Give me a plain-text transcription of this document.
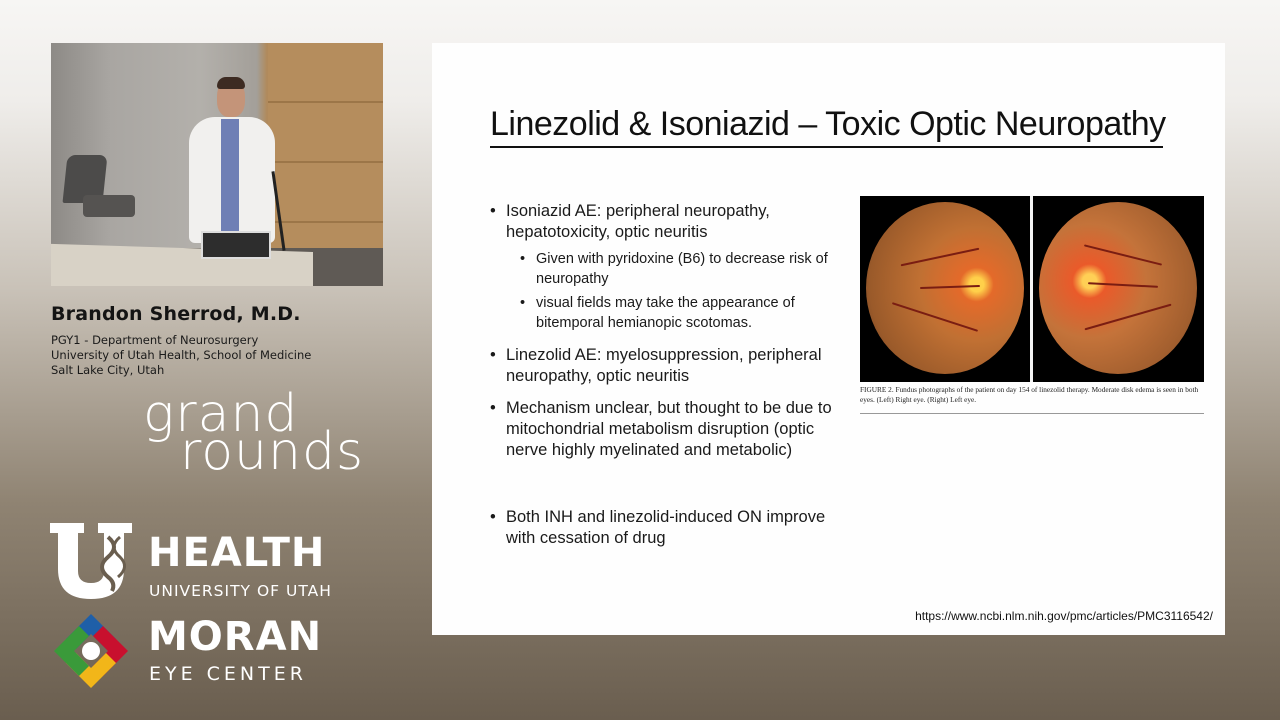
Brandon Sherrod, M.D.
PGY1 - Department of Neurosurgery
University of Utah Health, School of Medicine
Salt Lake City, Utah
grand
rounds
HEALTH
UNIVERSITY OF UTAH
MORAN
EYE CENTER
Linezolid & Isoniazid – Toxic Optic Neuropathy
• Isoniazid AE: peripheral neuropathy, hepatotoxicity, optic neuritis
• Given with pyridoxine (B6) to decrease risk of neuropathy
• visual fields may take the appearance of bitemporal hemianopic scotomas.
• Linezolid AE: myelosuppression, peripheral neuropathy, optic neuritis
• Mechanism unclear, but thought to be due to mitochondrial metabolism disruption (optic nerve highly myelinated and metabolic)
• Both INH and linezolid-induced ON improve with cessation of drug
FIGURE 2. Fundus photographs of the patient on day 154 of linezolid therapy. Moderate disk edema is seen in both eyes. (Left) Right eye. (Right) Left eye.
https://www.ncbi.nlm.nih.gov/pmc/articles/PMC3116542/
